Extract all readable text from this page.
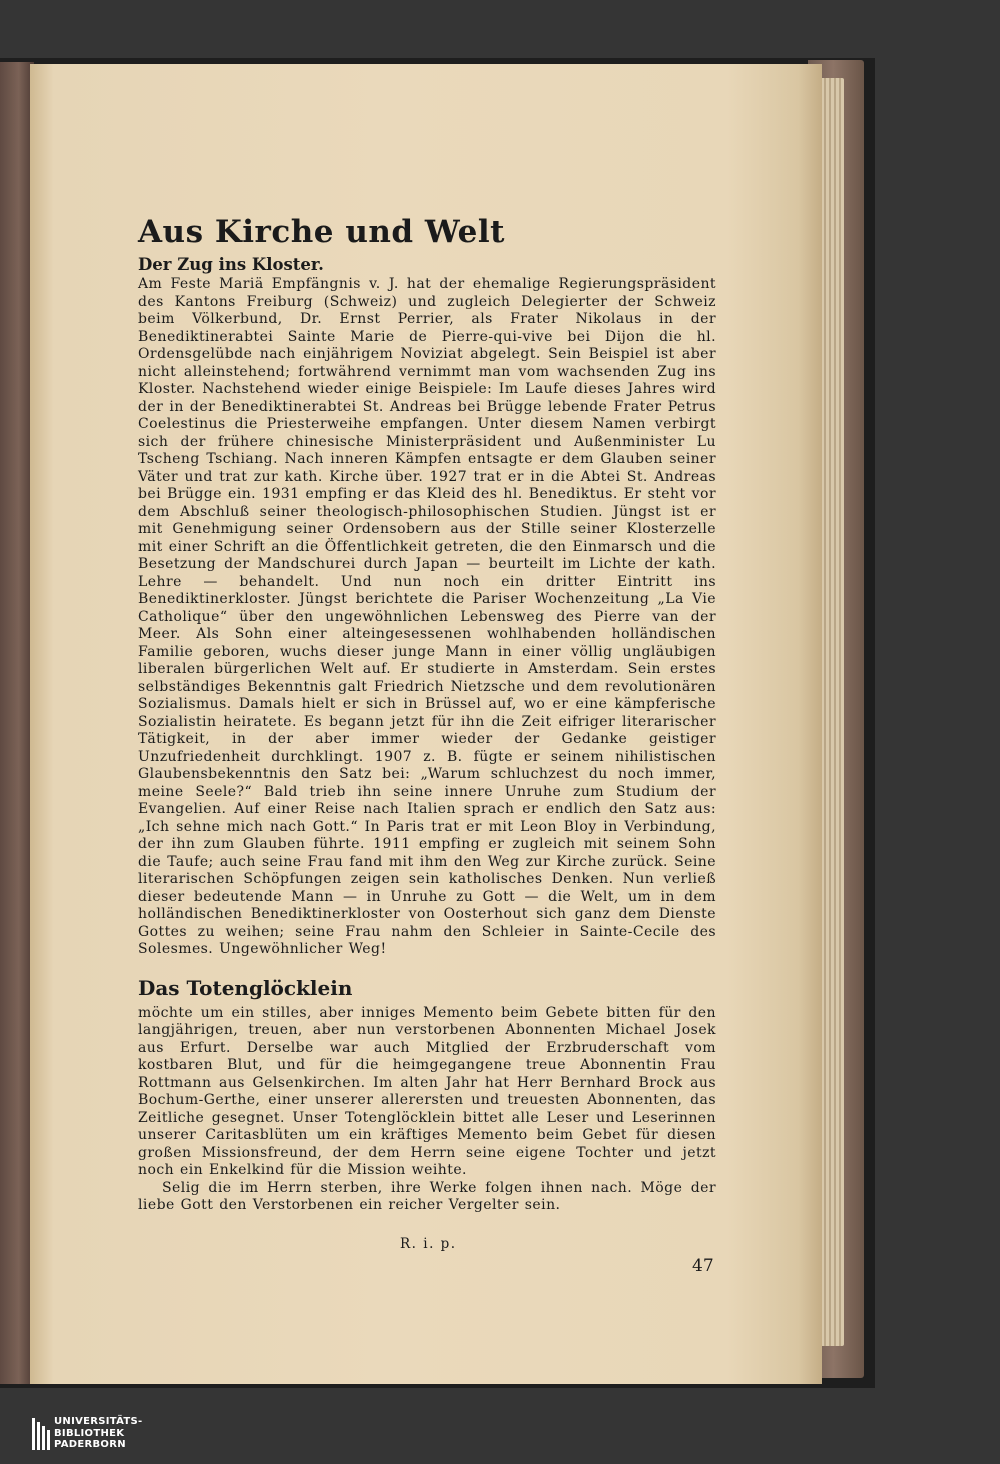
Aus Kirche und Welt
Der Zug ins Kloster.

Am Feste Mariä Empfängnis v. J. hat der ehemalige Regierungspräsident des Kantons Freiburg (Schweiz) und zugleich Delegierter der Schweiz beim Völkerbund, Dr. Ernst Perrier, als Frater Nikolaus in der Benediktinerabtei Sainte Marie de Pierre-qui-vive bei Dijon die hl. Ordensgelübde nach einjährigem Noviziat abgelegt. Sein Beispiel ist aber nicht alleinstehend; fortwährend vernimmt man vom wachsenden Zug ins Kloster. Nachstehend wieder einige Beispiele: Im Laufe dieses Jahres wird der in der Benediktinerabtei St. Andreas bei Brügge lebende Frater Petrus Coelestinus die Priesterweihe empfangen. Unter diesem Namen verbirgt sich der frühere chinesische Ministerpräsident und Außenminister Lu Tscheng Tschiang. Nach inneren Kämpfen entsagte er dem Glauben seiner Väter und trat zur kath. Kirche über. 1927 trat er in die Abtei St. Andreas bei Brügge ein. 1931 empfing er das Kleid des hl. Benediktus. Er steht vor dem Abschluß seiner theologisch-philosophischen Studien. Jüngst ist er mit Genehmigung seiner Ordensobern aus der Stille seiner Klosterzelle mit einer Schrift an die Öffentlichkeit getreten, die den Einmarsch und die Besetzung der Mandschurei durch Japan — beurteilt im Lichte der kath. Lehre — behandelt. Und nun noch ein dritter Eintritt ins Benediktinerkloster. Jüngst berichtete die Pariser Wochenzeitung „La Vie Catholique“ über den ungewöhnlichen Lebensweg des Pierre van der Meer. Als Sohn einer alteingesessenen wohlhabenden holländischen Familie geboren, wuchs dieser junge Mann in einer völlig ungläubigen liberalen bürgerlichen Welt auf. Er studierte in Amsterdam. Sein erstes selbständiges Bekenntnis galt Friedrich Nietzsche und dem revolutionären Sozialismus. Damals hielt er sich in Brüssel auf, wo er eine kämpferische Sozialistin heiratete. Es begann jetzt für ihn die Zeit eifriger literarischer Tätigkeit, in der aber immer wieder der Gedanke geistiger Unzufriedenheit durchklingt. 1907 z. B. fügte er seinem nihilistischen Glaubensbekenntnis den Satz bei: „Warum schluchzest du noch immer, meine Seele?“ Bald trieb ihn seine innere Unruhe zum Studium der Evangelien. Auf einer Reise nach Italien sprach er endlich den Satz aus: „Ich sehne mich nach Gott.“ In Paris trat er mit Leon Bloy in Verbindung, der ihn zum Glauben führte. 1911 empfing er zugleich mit seinem Sohn die Taufe; auch seine Frau fand mit ihm den Weg zur Kirche zurück. Seine literarischen Schöpfungen zeigen sein katholisches Denken. Nun verließ dieser bedeutende Mann — in Unruhe zu Gott — die Welt, um in dem holländischen Benediktinerkloster von Oosterhout sich ganz dem Dienste Gottes zu weihen; seine Frau nahm den Schleier in Sainte-Cecile des Solesmes. Ungewöhnlicher Weg!

Das Totenglöcklein

möchte um ein stilles, aber inniges Memento beim Gebete bitten für den langjährigen, treuen, aber nun verstorbenen Abonnenten Michael Josek aus Erfurt. Derselbe war auch Mitglied der Erzbruderschaft vom kostbaren Blut, und für die heimgegangene treue Abonnentin Frau Rottmann aus Gelsenkirchen. Im alten Jahr hat Herr Bernhard Brock aus Bochum-Gerthe, einer unserer allerersten und treuesten Abonnenten, das Zeitliche gesegnet. Unser Totenglöcklein bittet alle Leser und Leserinnen unserer Caritasblüten um ein kräftiges Memento beim Gebet für diesen großen Missionsfreund, der dem Herrn seine eigene Tochter und jetzt noch ein Enkelkind für die Mission weihte.

Selig die im Herrn sterben, ihre Werke folgen ihnen nach. Möge der liebe Gott den Verstorbenen ein reicher Vergelter sein.

R. i. p.
47
UNIVERSITÄTS-
BIBLIOTHEK
PADERBORN
